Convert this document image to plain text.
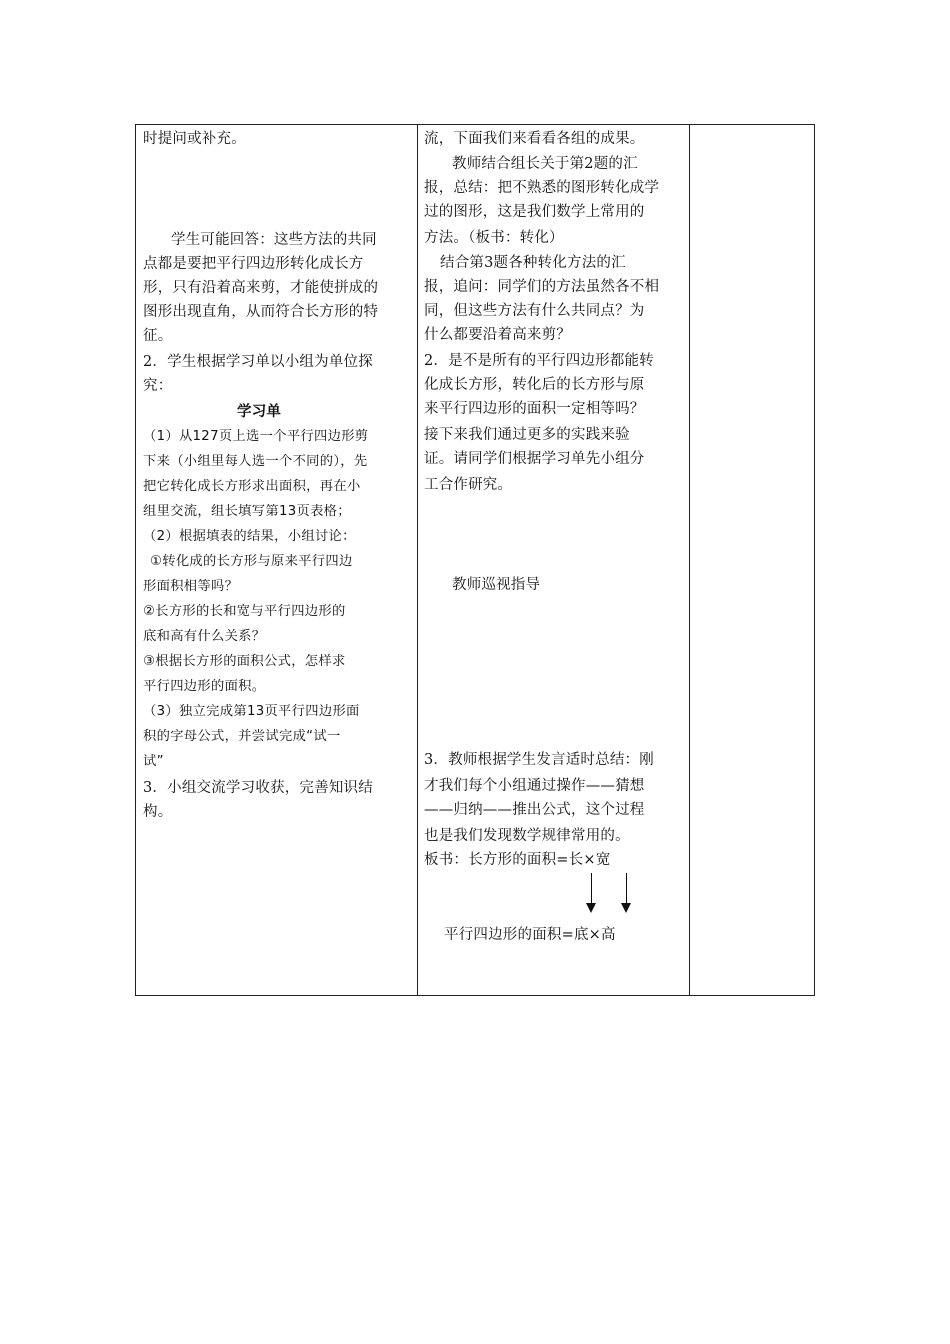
时提问或补充。
学生可能回答：这些方法的共同
点都是要把平行四边形转化成长方
形，只有沿着高来剪，才能使拼成的
图形出现直角，从而符合长方形的特
征。
2．学生根据学习单以小组为单位探
究：
学习单
（1）从127页上选一个平行四边形剪
下来（小组里每人选一个不同的），先
把它转化成长方形求出面积，再在小
组里交流，组长填写第13页表格；
（2）根据填表的结果，小组讨论：
①转化成的长方形与原来平行四边
形面积相等吗？
②长方形的长和宽与平行四边形的
底和高有什么关系？
③根据长方形的面积公式，怎样求
平行四边形的面积。
（3）独立完成第13页平行四边形面
积的字母公式，并尝试完成“试一
试”
3．小组交流学习收获，完善知识结
构。
流，下面我们来看看各组的成果。
教师结合组长关于第2题的汇
报，总结：把不熟悉的图形转化成学
过的图形，这是我们数学上常用的
方法。（板书：转化）
结合第3题各种转化方法的汇
报，追问：同学们的方法虽然各不相
同，但这些方法有什么共同点？为
什么都要沿着高来剪？
2．是不是所有的平行四边形都能转
化成长方形，转化后的长方形与原
来平行四边形的面积一定相等吗？
接下来我们通过更多的实践来验
证。请同学们根据学习单先小组分
工合作研究。
教师巡视指导
3．教师根据学生发言适时总结：刚
才我们每个小组通过操作——猜想
——归纳——推出公式，这个过程
也是我们发现数学规律常用的。
板书：长方形的面积=长×宽
平行四边形的面积=底×高
